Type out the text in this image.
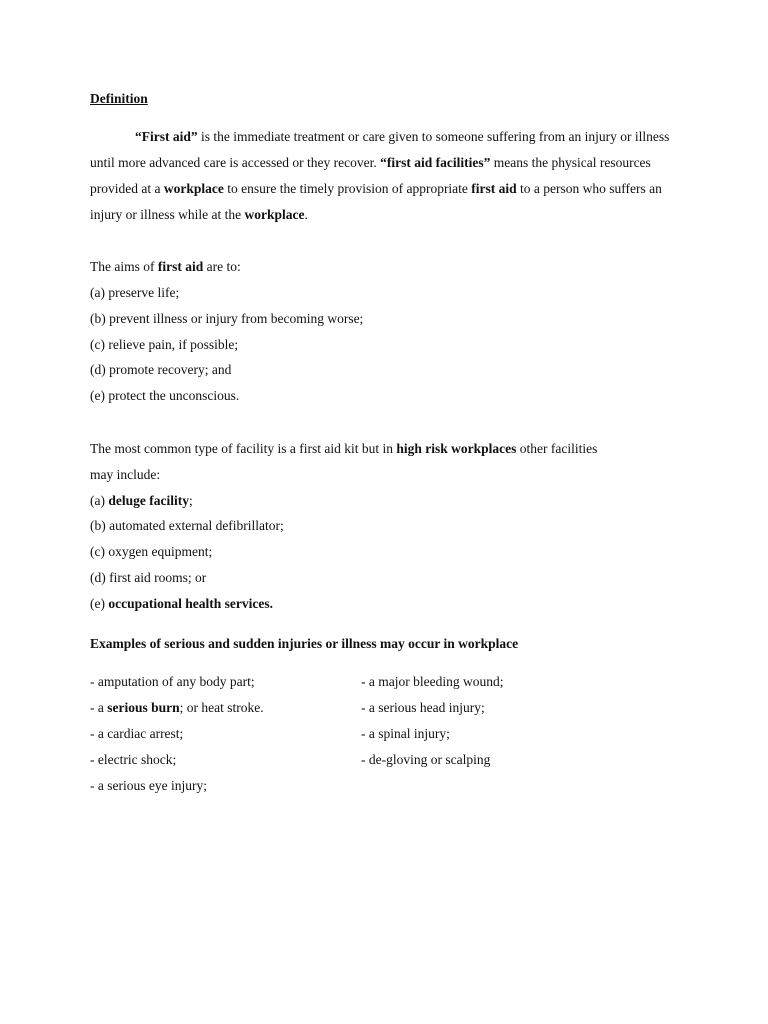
Definition
“First aid” is the immediate treatment or care given to someone suffering from an injury or illness until more advanced care is accessed or they recover. “first aid facilities” means the physical resources provided at a workplace to ensure the timely provision of appropriate first aid to a person who suffers an injury or illness while at the workplace.
The aims of first aid are to:
(a) preserve life;
(b) prevent illness or injury from becoming worse;
(c) relieve pain, if possible;
(d) promote recovery; and
(e) protect the unconscious.
The most common type of facility is a first aid kit but in high risk workplaces other facilities
may include:
(a) deluge facility;
(b) automated external defibrillator;
(c) oxygen equipment;
(d) first aid rooms; or
(e) occupational health services.
Examples of serious and sudden injuries or illness may occur in workplace
- amputation of any body part;
- a serious burn; or heat stroke.
- a cardiac arrest;
- electric shock;
- a serious eye injury;
- a major bleeding wound;
- a serious head injury;
- a spinal injury;
- de-gloving or scalping
